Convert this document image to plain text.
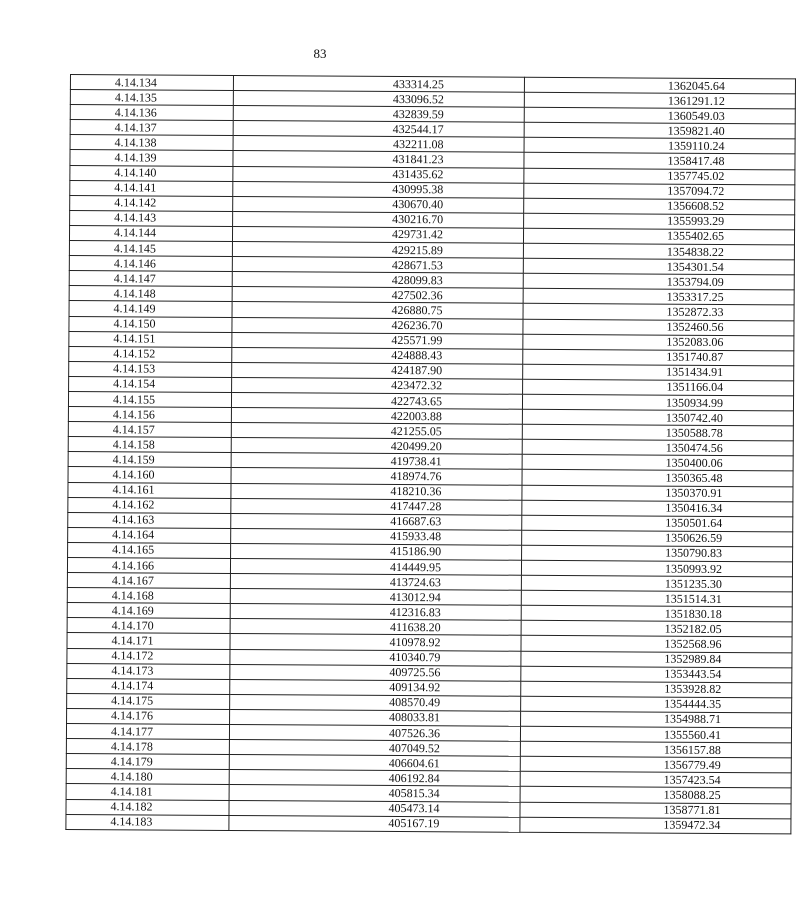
83
4.14.134	433314.25	1362045.64
4.14.135	433096.52	1361291.12
4.14.136	432839.59	1360549.03
4.14.137	432544.17	1359821.40
4.14.138	432211.08	1359110.24
4.14.139	431841.23	1358417.48
4.14.140	431435.62	1357745.02
4.14.141	430995.38	1357094.72
4.14.142	430670.40	1356608.52
4.14.143	430216.70	1355993.29
4.14.144	429731.42	1355402.65
4.14.145	429215.89	1354838.22
4.14.146	428671.53	1354301.54
4.14.147	428099.83	1353794.09
4.14.148	427502.36	1353317.25
4.14.149	426880.75	1352872.33
4.14.150	426236.70	1352460.56
4.14.151	425571.99	1352083.06
4.14.152	424888.43	1351740.87
4.14.153	424187.90	1351434.91
4.14.154	423472.32	1351166.04
4.14.155	422743.65	1350934.99
4.14.156	422003.88	1350742.40
4.14.157	421255.05	1350588.78
4.14.158	420499.20	1350474.56
4.14.159	419738.41	1350400.06
4.14.160	418974.76	1350365.48
4.14.161	418210.36	1350370.91
4.14.162	417447.28	1350416.34
4.14.163	416687.63	1350501.64
4.14.164	415933.48	1350626.59
4.14.165	415186.90	1350790.83
4.14.166	414449.95	1350993.92
4.14.167	413724.63	1351235.30
4.14.168	413012.94	1351514.31
4.14.169	412316.83	1351830.18
4.14.170	411638.20	1352182.05
4.14.171	410978.92	1352568.96
4.14.172	410340.79	1352989.84
4.14.173	409725.56	1353443.54
4.14.174	409134.92	1353928.82
4.14.175	408570.49	1354444.35
4.14.176	408033.81	1354988.71
4.14.177	407526.36	1355560.41
4.14.178	407049.52	1356157.88
4.14.179	406604.61	1356779.49
4.14.180	406192.84	1357423.54
4.14.181	405815.34	1358088.25
4.14.182	405473.14	1358771.81
4.14.183	405167.19	1359472.34
